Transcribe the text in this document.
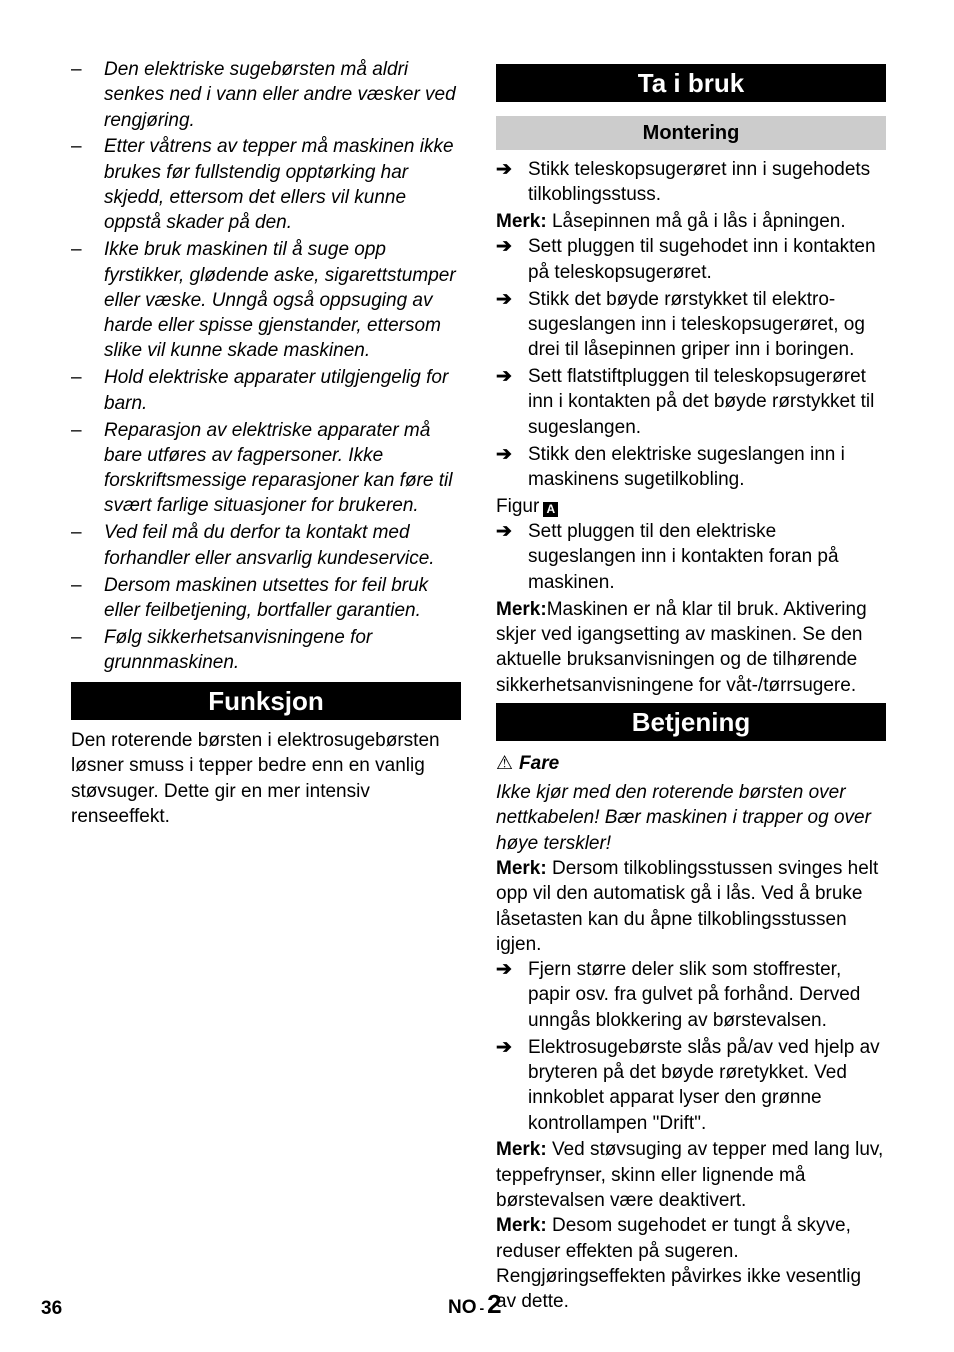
– Den elektriske sugebørsten må aldri senkes ned i vann eller andre væsker ved rengjøring.
– Etter våtrens av tepper må maskinen ikke brukes før fullstendig opptørking har skjedd, ettersom det ellers vil kunne oppstå skader på den.
– Ikke bruk maskinen til å suge opp fyrstikker, glødende aske, sigarettstumper eller væske. Unngå også oppsuging av harde eller spisse gjenstander, ettersom slike vil kunne skade maskinen.
– Hold elektriske apparater utilgjengelig for barn.
– Reparasjon av elektriske apparater må bare utføres av fagpersoner. Ikke forskriftsmessige reparasjoner kan føre til svært farlige situasjoner for brukeren.
– Ved feil må du derfor ta kontakt med forhandler eller ansvarlig kundeservice.
– Dersom maskinen utsettes for feil bruk eller feilbetjening, bortfaller garantien.
– Følg sikkerhetsanvisningene for grunnmaskinen.
Funksjon

Den roterende børsten i elektrosugebørsten løsner smuss i tepper bedre enn en vanlig støvsuger. Dette gir en mer intensiv renseeffekt.

Ta i bruk
Montering
➔ Stikk teleskopsugerøret inn i sugehodets tilkoblingsstuss.

Merk: Låsepinnen må gå i lås i åpningen.

➔ Sett pluggen til sugehodet inn i kontakten på teleskopsugerøret.
➔ Stikk det bøyde rørstykket til elektro-sugeslangen inn i teleskopsugerøret, og drei til låsepinnen griper inn i boringen.
➔ Sett flatstiftpluggen til teleskopsugerøret inn i kontakten på det bøyde rørstykket til sugeslangen.
➔ Stikk den elektriske sugeslangen inn i maskinens sugetilkobling.

Figur A

➔ Sett pluggen til den elektriske sugeslangen inn i kontakten foran på maskinen.

Merk:Maskinen er nå klar til bruk. Aktivering skjer ved igangsetting av maskinen. Se den aktuelle bruksanvisningen og de tilhørende sikkerhetsanvisningene for våt-/tørrsugere.

Betjening

⚠ Fare

Ikke kjør med den roterende børsten over nettkabelen! Bær maskinen i trapper og over høye terskler!

Merk: Dersom tilkoblingsstussen svinges helt opp vil den automatisk gå i lås. Ved å bruke låsetasten kan du åpne tilkoblingsstussen igjen.

➔ Fjern større deler slik som stoffrester, papir osv. fra gulvet på forhånd. Derved unngås blokkering av børstevalsen.
➔ Elektrosugebørste slås på/av ved hjelp av bryteren på det bøyde røretykket. Ved innkoblet apparat lyser den grønne kontrollampen "Drift".

Merk: Ved støvsuging av tepper med lang luv, teppefrynser, skinn eller lignende må børstevalsen være deaktivert.

Merk: Desom sugehodet er tungt å skyve, reduser effekten på sugeren. Rengjøringseffekten påvirkes ikke vesentlig av dette.

36	NO - 2
